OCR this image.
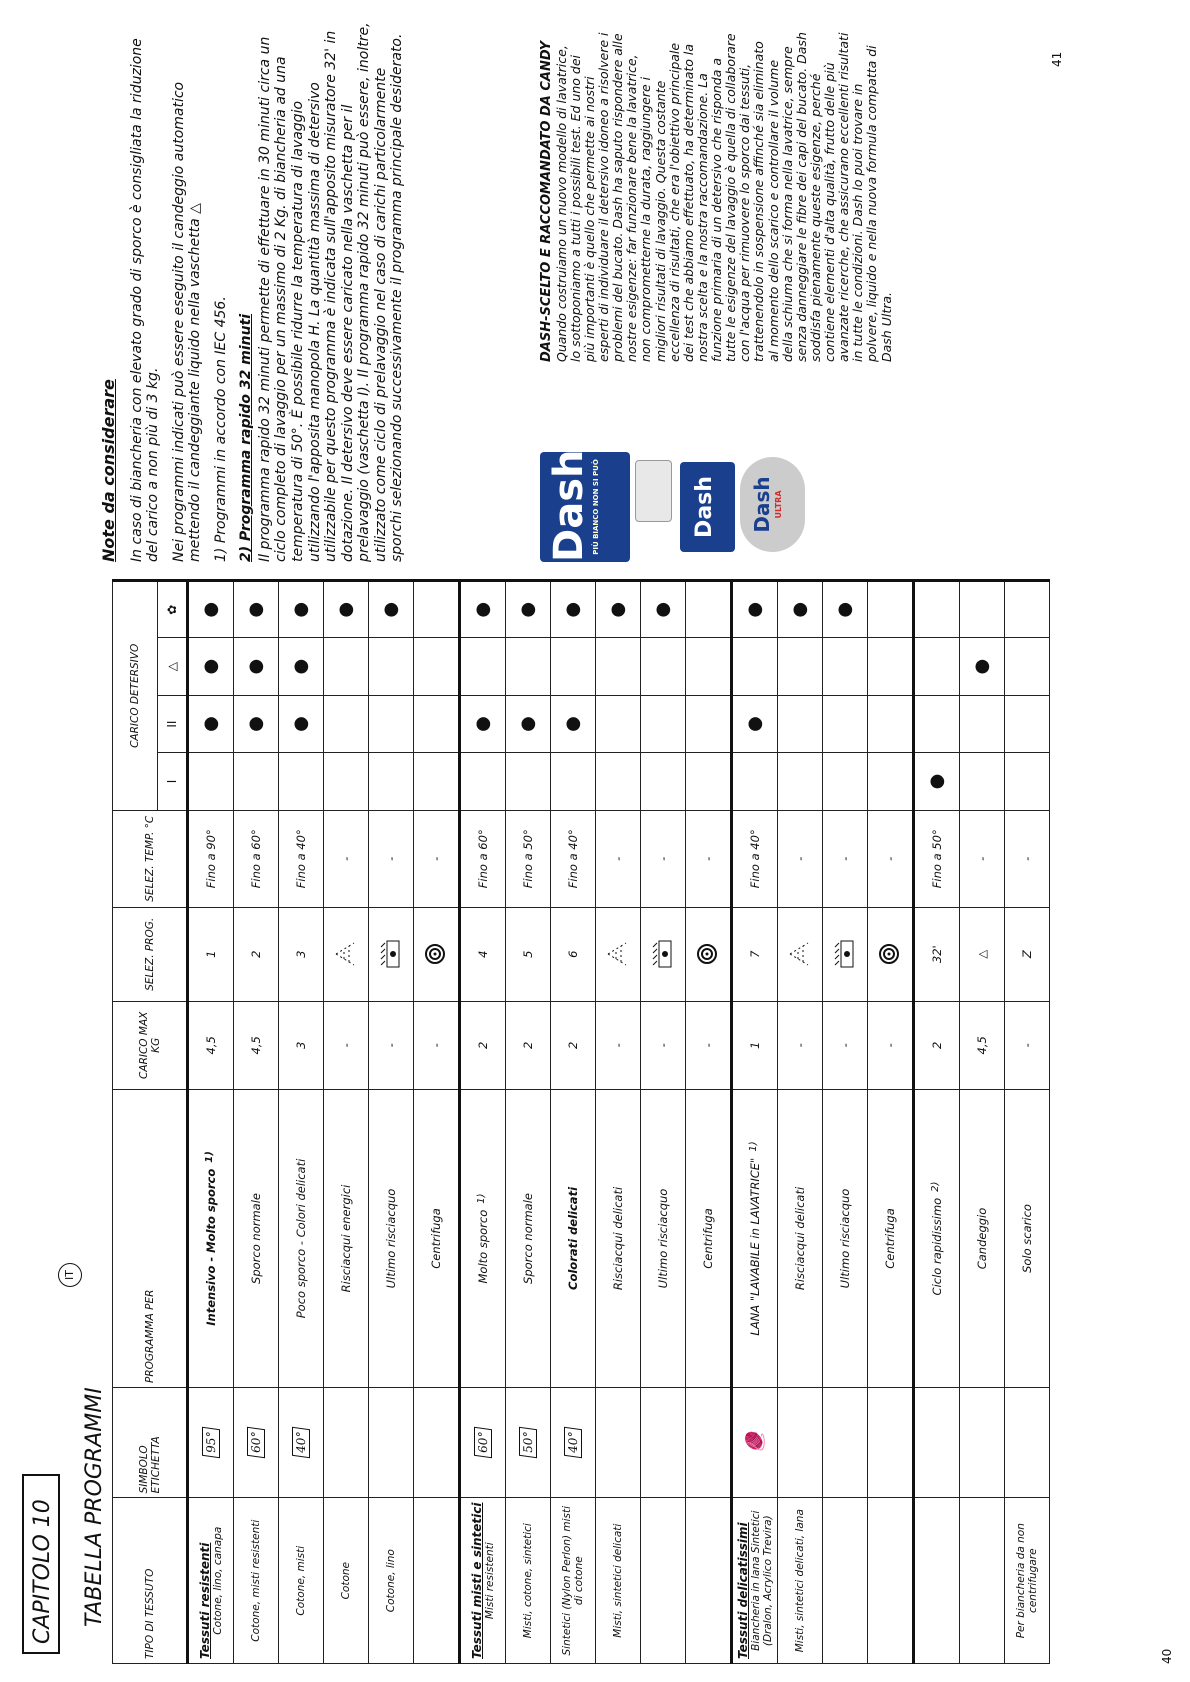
CAPITOLO 10
IT
TABELLA PROGRAMMI
40
41
TIPO DI TESSUTO	SIMBOLO ETICHETTA	PROGRAMMA PER	CARICO MAX KG	SELEZ. PROG.	SELEZ. TEMP. °C	CARICO DETERSIVO			
						I	II	△	✿

Tessuti resistenti Cotone, lino, canapa	95°	Intensivo - Molto sporco1)	4,5	1	Fino a 90°		●	●	●

Cotone, misti resistenti	60°	Sporco normale	4,5	2	Fino a 60°		●	●	●

Cotone, misti	40°	Poco sporco - Colori delicati	3	3	Fino a 40°		●	●	●

Cotone		Risciacqui energici	-		-				●

Cotone, lino		Ultimo risciacquo	-		-				●

		Centrifuga	-		-				

Tessuti misti e sintetici Misti resistenti	60°	Molto sporco1)	2	4	Fino a 60°		●		●

Misti, cotone, sintetici	50°	Sporco normale	2	5	Fino a 50°		●		●

Sintetici (Nylon Perlon) misti di cotone	40°	Colorati delicati	2	6	Fino a 40°		●		●

Misti, sintetici delicati		Risciacqui delicati	-		-				●

		Ultimo risciacquo	-		-				●

		Centrifuga	-		-				

Tessuti delicatissimi Biancheria in lana Sintetici (Dralon, Acrylico Trevira)	🧶	LANA "LAVABILE in LAVATRICE"1)	1	7	Fino a 40°		●		●

Misti, sintetici delicati, lana		Risciacqui delicati	-		-				●

		Ultimo risciacquo	-		-				●

		Centrifuga	-		-				

		Ciclo rapidissimo2)	2	32'	Fino a 50°	●			

		Candeggio	4,5	△	-			●	

Per biancheria da non centrifugare		Solo scarico	-	Z	-				
Note da considerare In caso di biancheria con elevato grado di sporco è consigliata la riduzione del carico a non più di 3 kg. Nei programmi indicati può essere eseguito il candeggio automatico mettendo il candeggiante liquido nella vaschetta △ 1) Programmi in accordo con IEC 456. 2) Programma rapido 32 minuti Il programma rapido 32 minuti permette di effettuare in 30 minuti circa un ciclo completo di lavaggio per un massimo di 2 Kg. di biancheria ad una temperatura di 50°. È possibile ridurre la temperatura di lavaggio utilizzando l'apposita manopola H. La quantità massima di detersivo utilizzabile per questo programma è indicata sull'apposito misuratore 32' in dotazione. Il detersivo deve essere caricato nella vaschetta per il prelavaggio (vaschetta I). Il programma rapido 32 minuti può essere, inoltre, utilizzato come ciclo di prelavaggio nel caso di carichi particolarmente sporchi selezionando successivamente il programma principale desiderato.	Dash PIÙ BIANCO NON SI PUÒ	Dash	Dash ULTRA
DASH-SCELTO E RACCOMANDATO DA CANDY Quando costruiamo un nuovo modello di lavatrice, lo sottoponiamo a tutti i possibili test. Ed uno dei più importanti è quello che permette ai nostri esperti di individuare il detersivo idoneo a risolvere i problemi del bucato. Dash ha saputo rispondere alle nostre esigenze: far funzionare bene la lavatrice, non comprometterne la durata, raggiungere i migliori risultati di lavaggio. Questa costante eccellenza di risultati, che era l'obiettivo principale dei test che abbiamo effettuato, ha determinato la nostra scelta e la nostra raccomandazione. La funzione primaria di un detersivo che risponda a tutte le esigenze del lavaggio è quella di collaborare con l'acqua per rimuovere lo sporco dai tessuti, trattenendolo in sospensione affinché sia eliminato al momento dello scarico e controllare il volume della schiuma che si forma nella lavatrice, sempre senza danneggiare le fibre dei capi del bucato. Dash soddisfa pienamente queste esigenze, perché contiene elementi d'alta qualità, frutto delle più avanzate ricerche, che assicurano eccellenti risultati in tutte le condizioni. Dash lo puoi trovare in polvere, liquido e nella nuova formula compatta di Dash Ultra.
